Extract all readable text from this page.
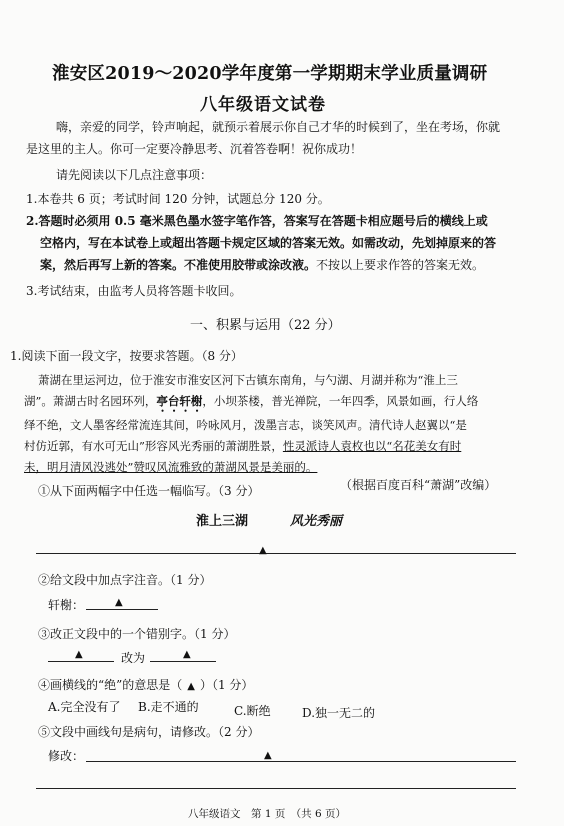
淮安区2019～2020学年度第一学期期末学业质量调研
八年级语文试卷
嗨，亲爱的同学，铃声响起，就预示着展示你自己才华的时候到了，坐在考场，你就
是这里的主人。你可一定要冷静思考、沉着答卷啊！祝你成功！
请先阅读以下几点注意事项：
1.本卷共 6 页；考试时间 120 分钟，试题总分 120 分。
2.答题时必须用 0.5 毫米黑色墨水签字笔作答，答案写在答题卡相应题号后的横线上或
空格内，写在本试卷上或超出答题卡规定区域的答案无效。如需改动，先划掉原来的答
案，然后再写上新的答案。不准使用胶带或涂改液。不按以上要求作答的答案无效。
3.考试结束，由监考人员将答题卡收回。
一、积累与运用（22 分）
1.阅读下面一段文字，按要求答题。（8 分）
萧湖在里运河边，位于淮安市淮安区河下古镇东南角，与勺湖、月湖并称为“淮上三
湖”。萧湖古时名园环列，亭台轩榭，小坝茶楼，普光禅院，一年四季，风景如画，行人络
绎不绝，文人墨客经常流连其间，吟咏风月，泼墨言志，谈笑风声。清代诗人赵翼以“是
村仿近郭，有水可无山”形容风光秀丽的萧湖胜景，性灵派诗人袁枚也以“名花美女有时
未，明月清风没逃处”赞叹风流雅致的萧湖风景是美丽的。
（根据百度百科“萧湖”改编）
①从下面两幅字中任选一幅临写。（3 分）
淮上三湖	风光秀丽
▲
②给文段中加点字注音。（1 分）
轩榭：	▲
③改正文段中的一个错别字。（1 分）
▲	改为	▲
④画横线的“绝”的意思是（ ▲ ）（1 分）
A.完全没有了 B.走不通的	C.断绝	D.独一无二的
⑤文段中画线句是病句，请修改。（2 分）
修改：	▲
八年级语文　第 1 页　（共 6 页）
